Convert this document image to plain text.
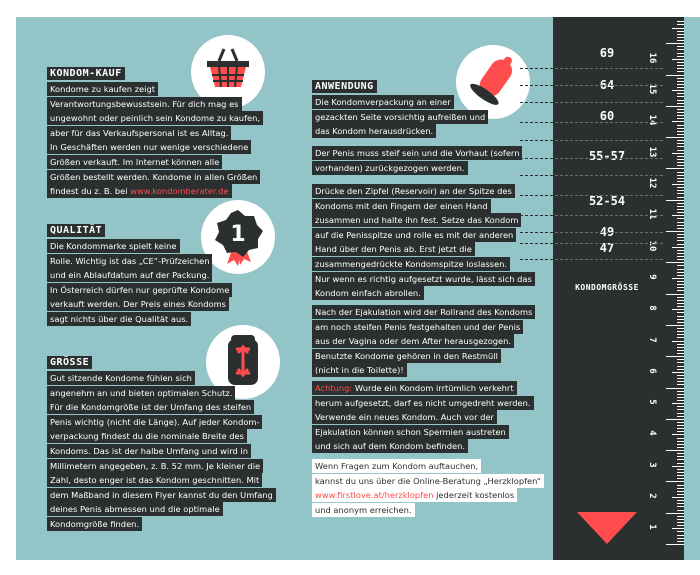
1
KONDOM-KAUF
Kondome zu kaufen zeigt
Verantwortungsbewusstsein. Für dich mag es
ungewohnt oder peinlich sein Kondome zu kaufen,
aber für das Verkaufspersonal ist es Alltag.
In Geschäften werden nur wenige verschiedene
Größen verkauft. Im Internet können alle
Größen bestellt werden. Kondome in allen Größen
findest du z. B. bei www.kondomberater.de
QUALITÄT
Die Kondommarke spielt keine
Rolle. Wichtig ist das „CE“-Prüfzeichen
und ein Ablaufdatum auf der Packung.
In Österreich dürfen nur geprüfte Kondome
verkauft werden. Der Preis eines Kondoms
sagt nichts über die Qualität aus.
GRÖSSE
Gut sitzende Kondome fühlen sich
angenehm an und bieten optimalen Schutz.
Für die Kondomgröße ist der Umfang des steifen
Penis wichtig (nicht die Länge). Auf jeder Kondom-
verpackung findest du die nominale Breite des
Kondoms. Das ist der halbe Umfang und wird in
Millimetern angegeben, z. B. 52 mm. Je kleiner die
Zahl, desto enger ist das Kondom geschnitten. Mit
dem Maßband in diesem Flyer kannst du den Umfang
deines Penis abmessen und die optimale
Kondomgröße finden.
ANWENDUNG
Die Kondomverpackung an einer
gezackten Seite vorsichtig aufreißen und
das Kondom herausdrücken.
Der Penis muss steif sein und die Vorhaut (sofern
vorhanden) zurückgezogen werden.
Drücke den Zipfel (Reservoir) an der Spitze des
Kondoms mit den Fingern der einen Hand
zusammen und halte ihn fest. Setze das Kondom
auf die Penisspitze und rolle es mit der anderen
Hand über den Penis ab. Erst jetzt die
zusammengedrückte Kondomspitze loslassen.
Nur wenn es richtig aufgesetzt wurde, lässt sich das
Kondom einfach abrollen.
Nach der Ejakulation wird der Rollrand des Kondoms
am noch steifen Penis festgehalten und der Penis
aus der Vagina oder dem After herausgezogen.
Benutzte Kondome gehören in den Restmüll
(nicht in die Toilette)!
Achtung: Wurde ein Kondom irrtümlich verkehrt
herum aufgesetzt, darf es nicht umgedreht werden.
Verwende ein neues Kondom. Auch vor der
Ejakulation können schon Spermien austreten
und sich auf dem Kondom befinden.
Wenn Fragen zum Kondom auftauchen,
kannst du uns über die Online-Beratung „Herzklopfen“
www.firstlove.at/herzklopfen jederzeit kostenlos
und anonym erreichen.
69
64
60
55-57
52-54
49
47
KONDOMGRÖSSE
1
2
3
4
5
6
7
8
9
10
11
12
13
14
15
16
